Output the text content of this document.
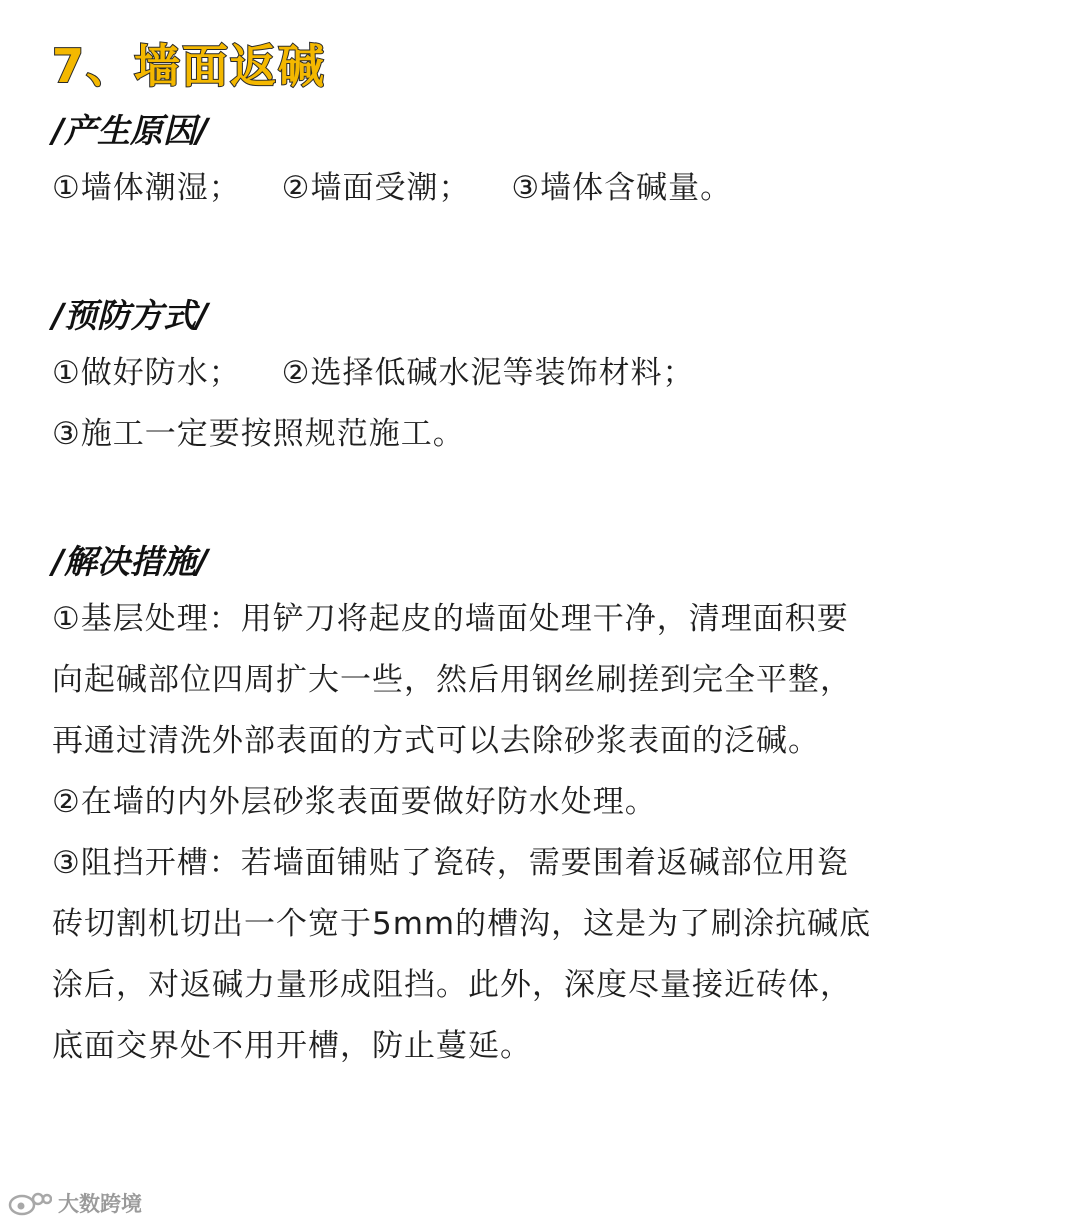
7、墙面返碱
/产生原因/
①墙体潮湿； ②墙面受潮； ③墙体含碱量。
/预防方式/
①做好防水； ②选择低碱水泥等装饰材料；
③施工一定要按照规范施工。
/解决措施/
①基层处理：用铲刀将起皮的墙面处理干净，清理面积要
向起碱部位四周扩大一些，然后用钢丝刷搓到完全平整，
再通过清洗外部表面的方式可以去除砂浆表面的泛碱。
②在墙的内外层砂浆表面要做好防水处理。
③阻挡开槽：若墙面铺贴了瓷砖，需要围着返碱部位用瓷
砖切割机切出一个宽于5mm的槽沟，这是为了刷涂抗碱底
涂后，对返碱力量形成阻挡。此外，深度尽量接近砖体，
底面交界处不用开槽，防止蔓延。
大数跨境
